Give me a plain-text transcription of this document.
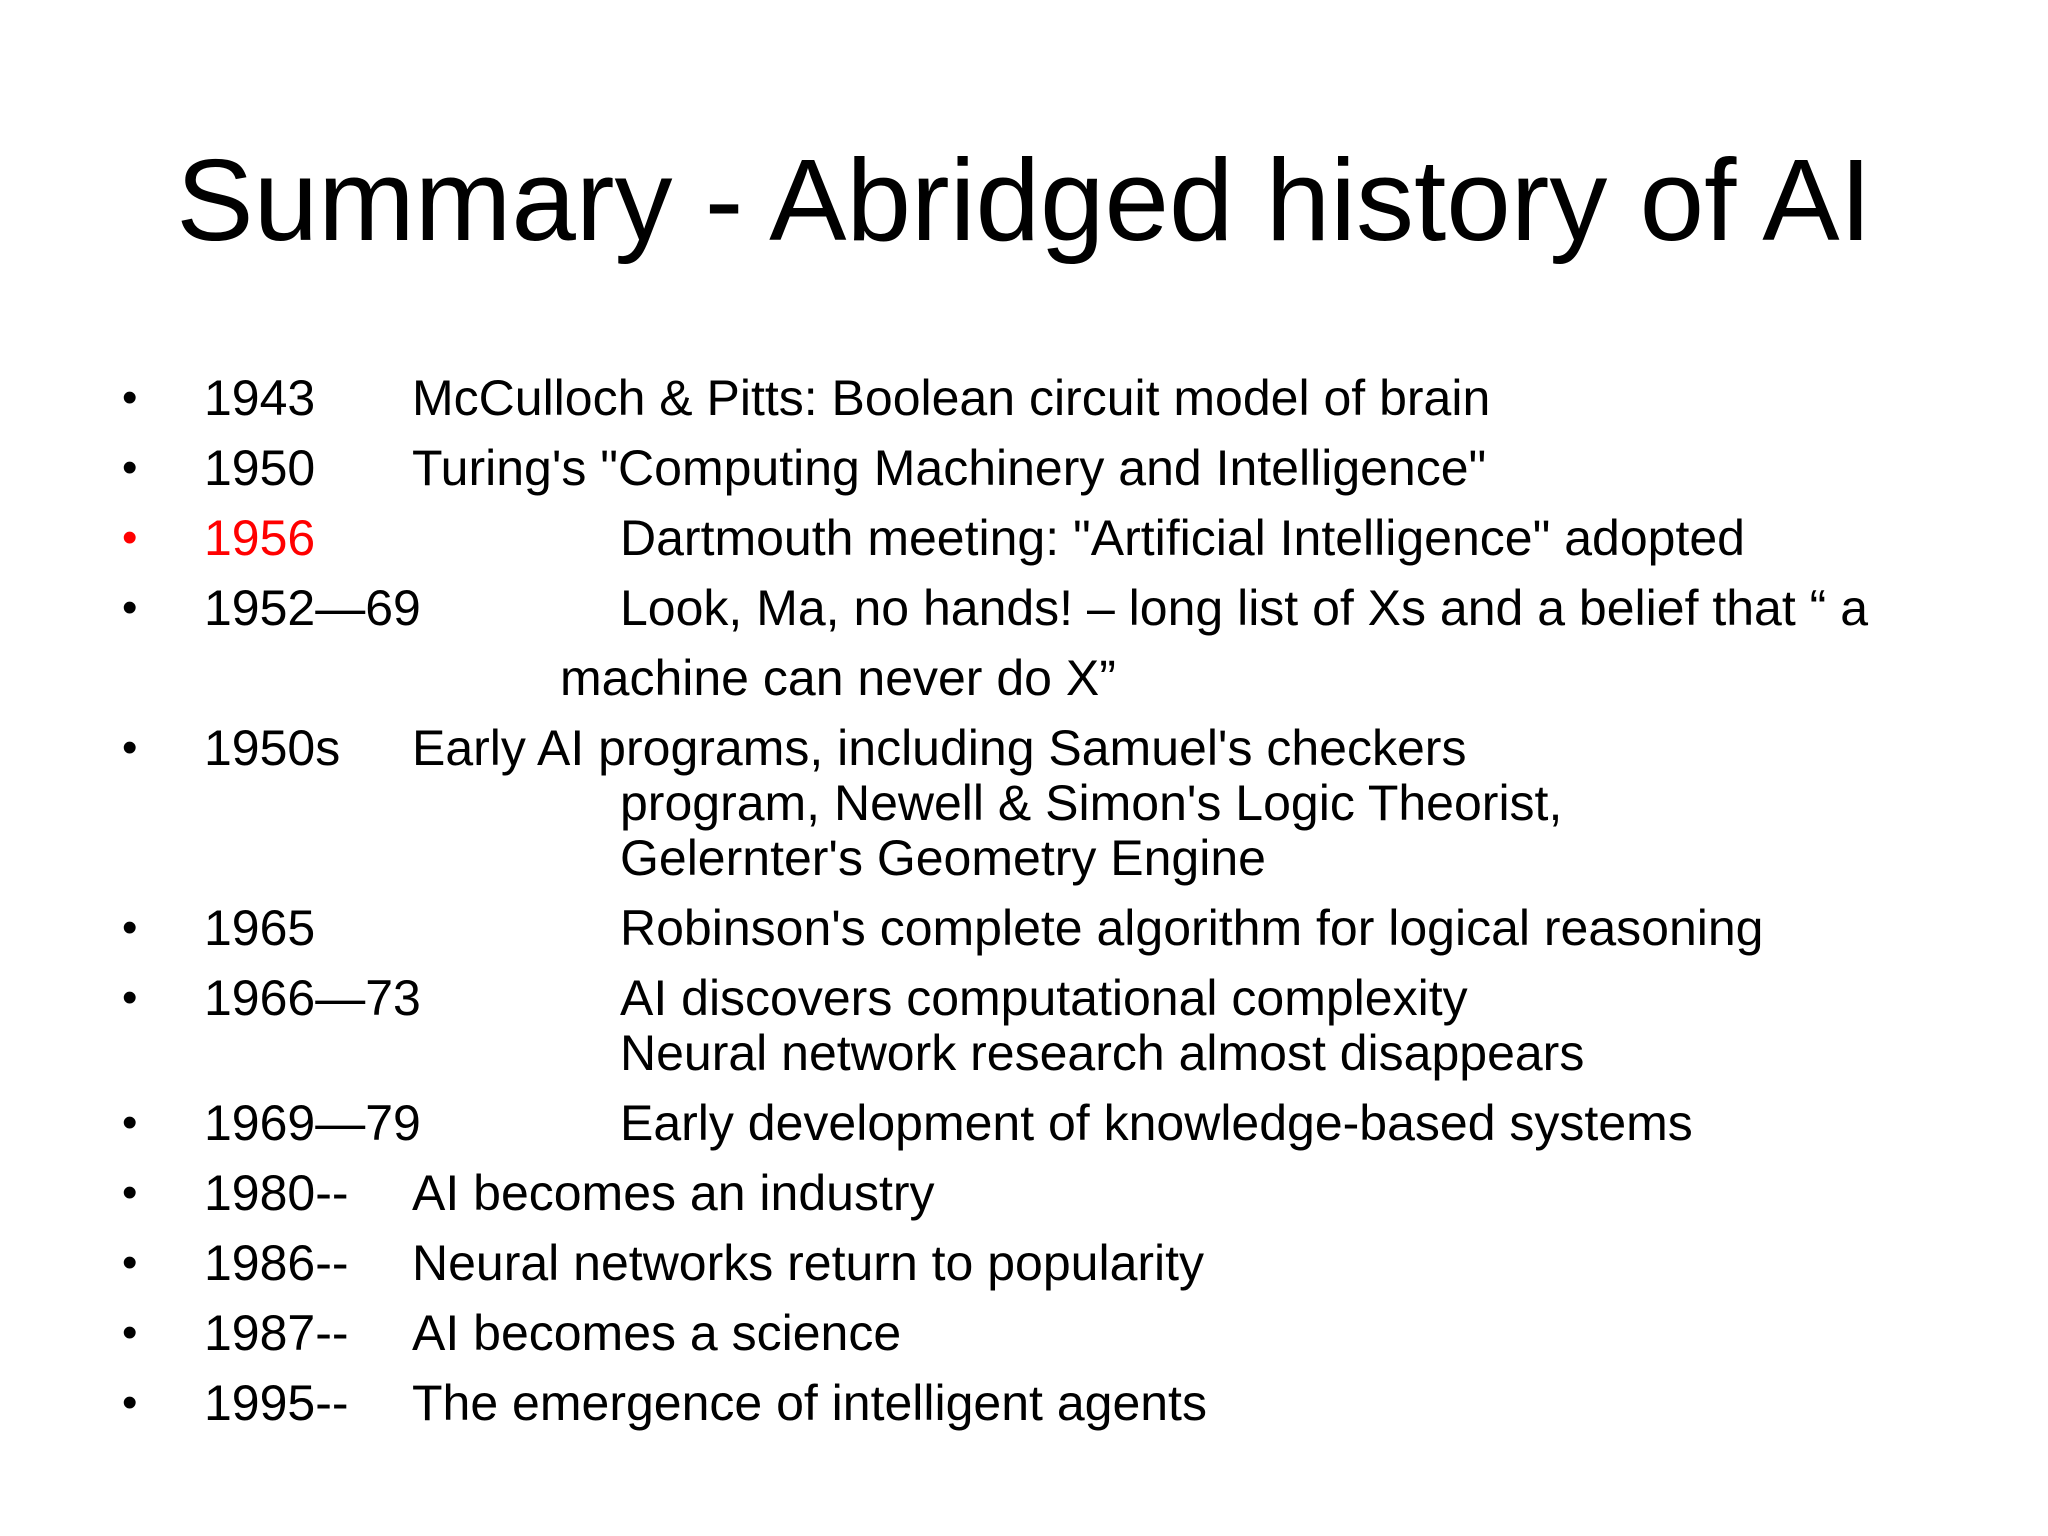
Summary - Abridged history of AI
• 1943 McCulloch & Pitts: Boolean circuit model of brain
• 1950 Turing's "Computing Machinery and Intelligence"
• 1956	Dartmouth meeting: "Artificial Intelligence" adopted
• 1952—69	Look, Ma, no hands! – long list of Xs and a belief that “ a
machine can never do X”
• 1950s Early AI programs, including Samuel's checkers
program, Newell & Simon's Logic Theorist,
Gelernter's Geometry Engine
• 1965	Robinson's complete algorithm for logical reasoning
• 1966—73	AI discovers computational complexity
Neural network research almost disappears
• 1969—79	Early development of knowledge-based systems
• 1980-- AI becomes an industry
• 1986-- Neural networks return to popularity
• 1987-- AI becomes a science
• 1995-- The emergence of intelligent agents
